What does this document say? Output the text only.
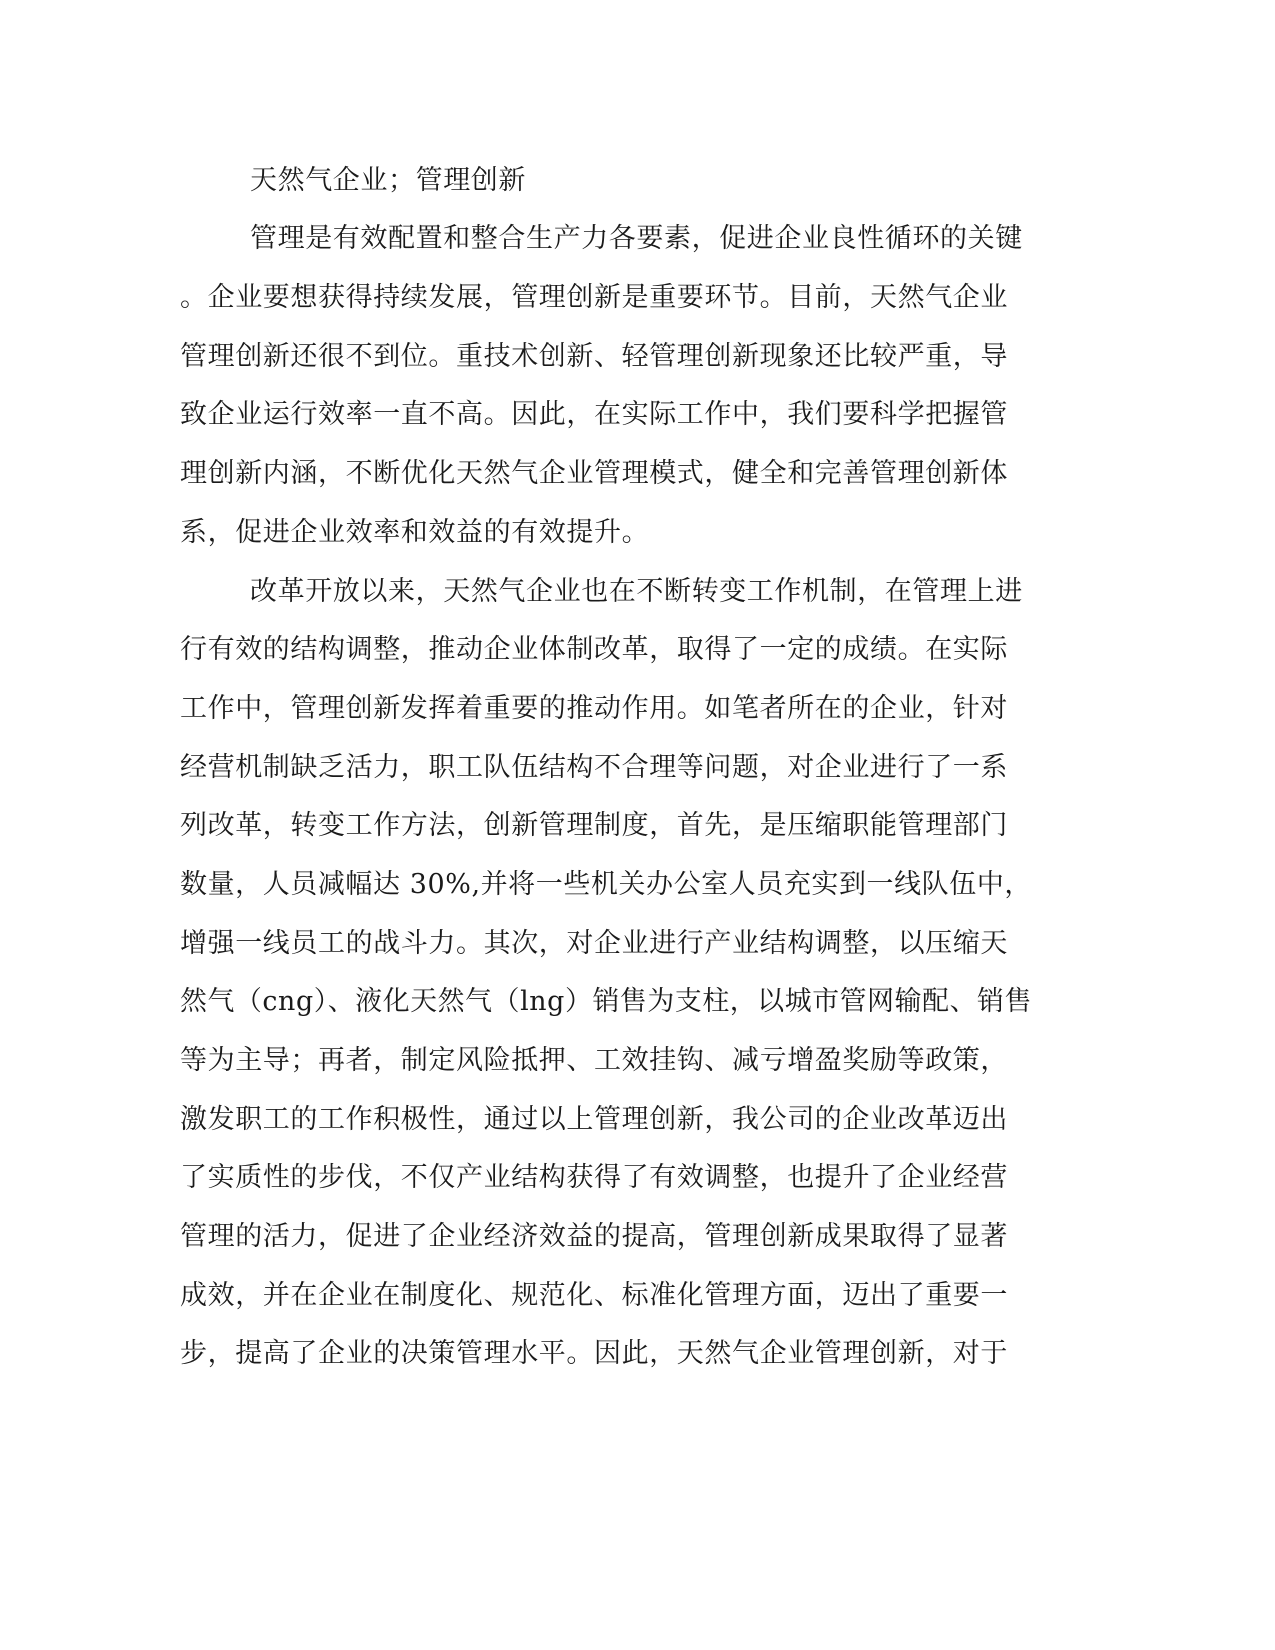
天然气企业；管理创新
管理是有效配置和整合生产力各要素，促进企业良性循环的关键
。企业要想获得持续发展，管理创新是重要环节。目前，天然气企业
管理创新还很不到位。重技术创新、轻管理创新现象还比较严重，导
致企业运行效率一直不高。因此，在实际工作中，我们要科学把握管
理创新内涵，不断优化天然气企业管理模式，健全和完善管理创新体
系，促进企业效率和效益的有效提升。
改革开放以来，天然气企业也在不断转变工作机制，在管理上进
行有效的结构调整，推动企业体制改革，取得了一定的成绩。在实际
工作中，管理创新发挥着重要的推动作用。如笔者所在的企业，针对
经营机制缺乏活力，职工队伍结构不合理等问题，对企业进行了一系
列改革，转变工作方法，创新管理制度，首先，是压缩职能管理部门
数量，人员减幅达 30%,并将一些机关办公室人员充实到一线队伍中，
增强一线员工的战斗力。其次，对企业进行产业结构调整，以压缩天
然气（cng）、液化天然气（lng）销售为支柱，以城市管网输配、销售
等为主导；再者，制定风险抵押、工效挂钩、减亏增盈奖励等政策，
激发职工的工作积极性，通过以上管理创新，我公司的企业改革迈出
了实质性的步伐，不仅产业结构获得了有效调整，也提升了企业经营
管理的活力，促进了企业经济效益的提高，管理创新成果取得了显著
成效，并在企业在制度化、规范化、标准化管理方面，迈出了重要一
步，提高了企业的决策管理水平。因此，天然气企业管理创新，对于
